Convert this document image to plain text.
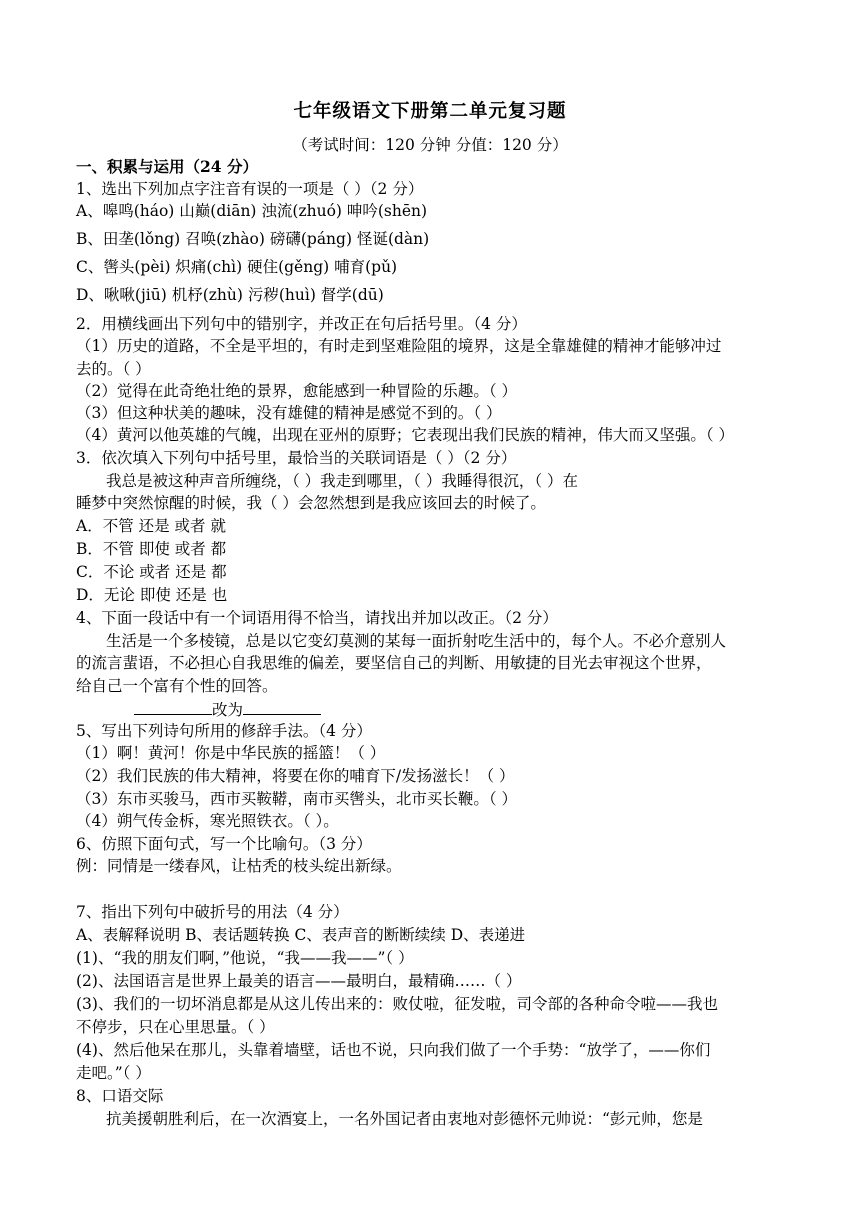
七年级语文下册第二单元复习题
（考试时间：120 分钟 分值：120 分）
一、积累与运用（24 分）
1、选出下列加点字注音有误的一项是（ ）（2 分）
A、嗥鸣(háo) 山巅(diān) 浊流(zhuó) 呻吟(shēn)
B、田垄(lǒng) 召唤(zhào) 磅礴(páng) 怪诞(dàn)
C、辔头(pèi) 炽痛(chì) 硬住(gěng) 哺育(pǔ)
D、啾啾(jiū) 机杼(zhù) 污秽(huì) 督学(dū)
2．用横线画出下列句中的错别字，并改正在句后括号里。（4 分）
（1）历史的道路，不全是平坦的，有时走到坚难险阻的境界，这是全靠雄健的精神才能够冲过
去的。（ ）
（2）觉得在此奇绝壮绝的景界，愈能感到一种冒险的乐趣。（ ）
（3）但这种状美的趣味，没有雄健的精神是感觉不到的。（ ）
（4）黄河以他英雄的气魄，出现在亚州的原野；它表现出我们民族的精神，伟大而又坚强。（ ）
3．依次填入下列句中括号里，最恰当的关联词语是（ ）（2 分）
我总是被这种声音所缠绕，（ ）我走到哪里，（ ）我睡得很沉，（ ）在
睡梦中突然惊醒的时候，我（ ）会忽然想到是我应该回去的时候了。
A．不管 还是 或者 就
B．不管 即使 或者 都
C．不论 或者 还是 都
D．无论 即使 还是 也
4、下面一段话中有一个词语用得不恰当，请找出并加以改正。（2 分）
生活是一个多棱镜，总是以它变幻莫测的某每一面折射吃生活中的，每个人。不必介意别人
的流言蜚语，不必担心自我思维的偏差，要坚信自己的判断、用敏捷的目光去审视这个世界，
给自己一个富有个性的回答。
改为
5、写出下列诗句所用的修辞手法。（4 分）
（1）啊！黄河！你是中华民族的摇篮！（ ）
（2）我们民族的伟大精神，将要在你的哺育下/发扬滋长！（ ）
（3）东市买骏马，西市买鞍鞯，南市买辔头，北市买长鞭。（ ）
（4）朔气传金柝，寒光照铁衣。（ ）。
6、仿照下面句式，写一个比喻句。（3 分）
例：同情是一缕春风，让枯秃的枝头绽出新绿。
7、指出下列句中破折号的用法（4 分）
A、表解释说明 B、表话题转换 C、表声音的断断续续 D、表递进
(1)、“我的朋友们啊，”他说，“我——我——”（ ）
(2)、法国语言是世界上最美的语言——最明白，最精确……（ ）
(3)、我们的一切坏消息都是从这儿传出来的：败仗啦，征发啦，司令部的各种命令啦——我也
不停步，只在心里思量。（ ）
(4)、然后他呆在那儿，头靠着墙壁，话也不说，只向我们做了一个手势：“放学了，——你们
走吧。”（ ）
8、口语交际
抗美援朝胜利后，在一次酒宴上，一名外国记者由衷地对彭德怀元帅说：“彭元帅，您是
